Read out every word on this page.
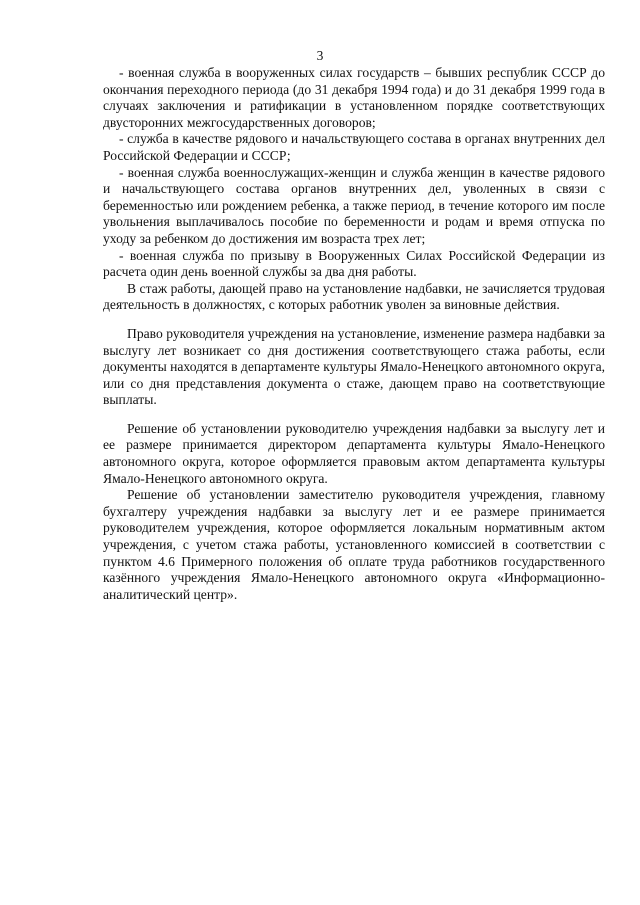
3

- военная служба в вооруженных силах государств – бывших республик СССР до окончания переходного периода (до 31 декабря 1994 года) и до 31 декабря 1999 года в случаях заключения и ратификации в установленном порядке соответствующих двусторонних межгосударственных договоров;

- служба в качестве рядового и начальствующего состава в органах внутренних дел Российской Федерации и СССР;

- военная служба военнослужащих-женщин и служба женщин в качестве рядового и начальствующего состава органов внутренних дел, уволенных в связи с беременностью или рождением ребенка, а также период, в течение которого им после увольнения выплачивалось пособие по беременности и родам и время отпуска по уходу за ребенком до достижения им возраста трех лет;

- военная служба по призыву в Вооруженных Силах Российской Федерации из расчета один день военной службы за два дня работы.

В стаж работы, дающей право на установление надбавки, не зачисляется трудовая деятельность в должностях, с которых работник уволен за виновные действия.

Право руководителя учреждения на установление, изменение размера надбавки за выслугу лет возникает со дня достижения соответствующего стажа работы, если документы находятся в департаменте культуры Ямало-Ненецкого автономного округа, или со дня представления документа о стаже, дающем право на соответствующие выплаты.

Решение об установлении руководителю учреждения надбавки за выслугу лет и ее размере принимается директором департамента культуры Ямало-Ненецкого автономного округа, которое оформляется правовым актом департамента культуры Ямало-Ненецкого автономного округа.

Решение об установлении заместителю руководителя учреждения, главному бухгалтеру учреждения надбавки за выслугу лет и ее размере принимается руководителем учреждения, которое оформляется локальным нормативным актом учреждения, с учетом стажа работы, установленного комиссией в соответствии с пунктом 4.6 Примерного положения об оплате труда работников государственного казённого учреждения Ямало-Ненецкого автономного округа «Информационно-аналитический центр».
